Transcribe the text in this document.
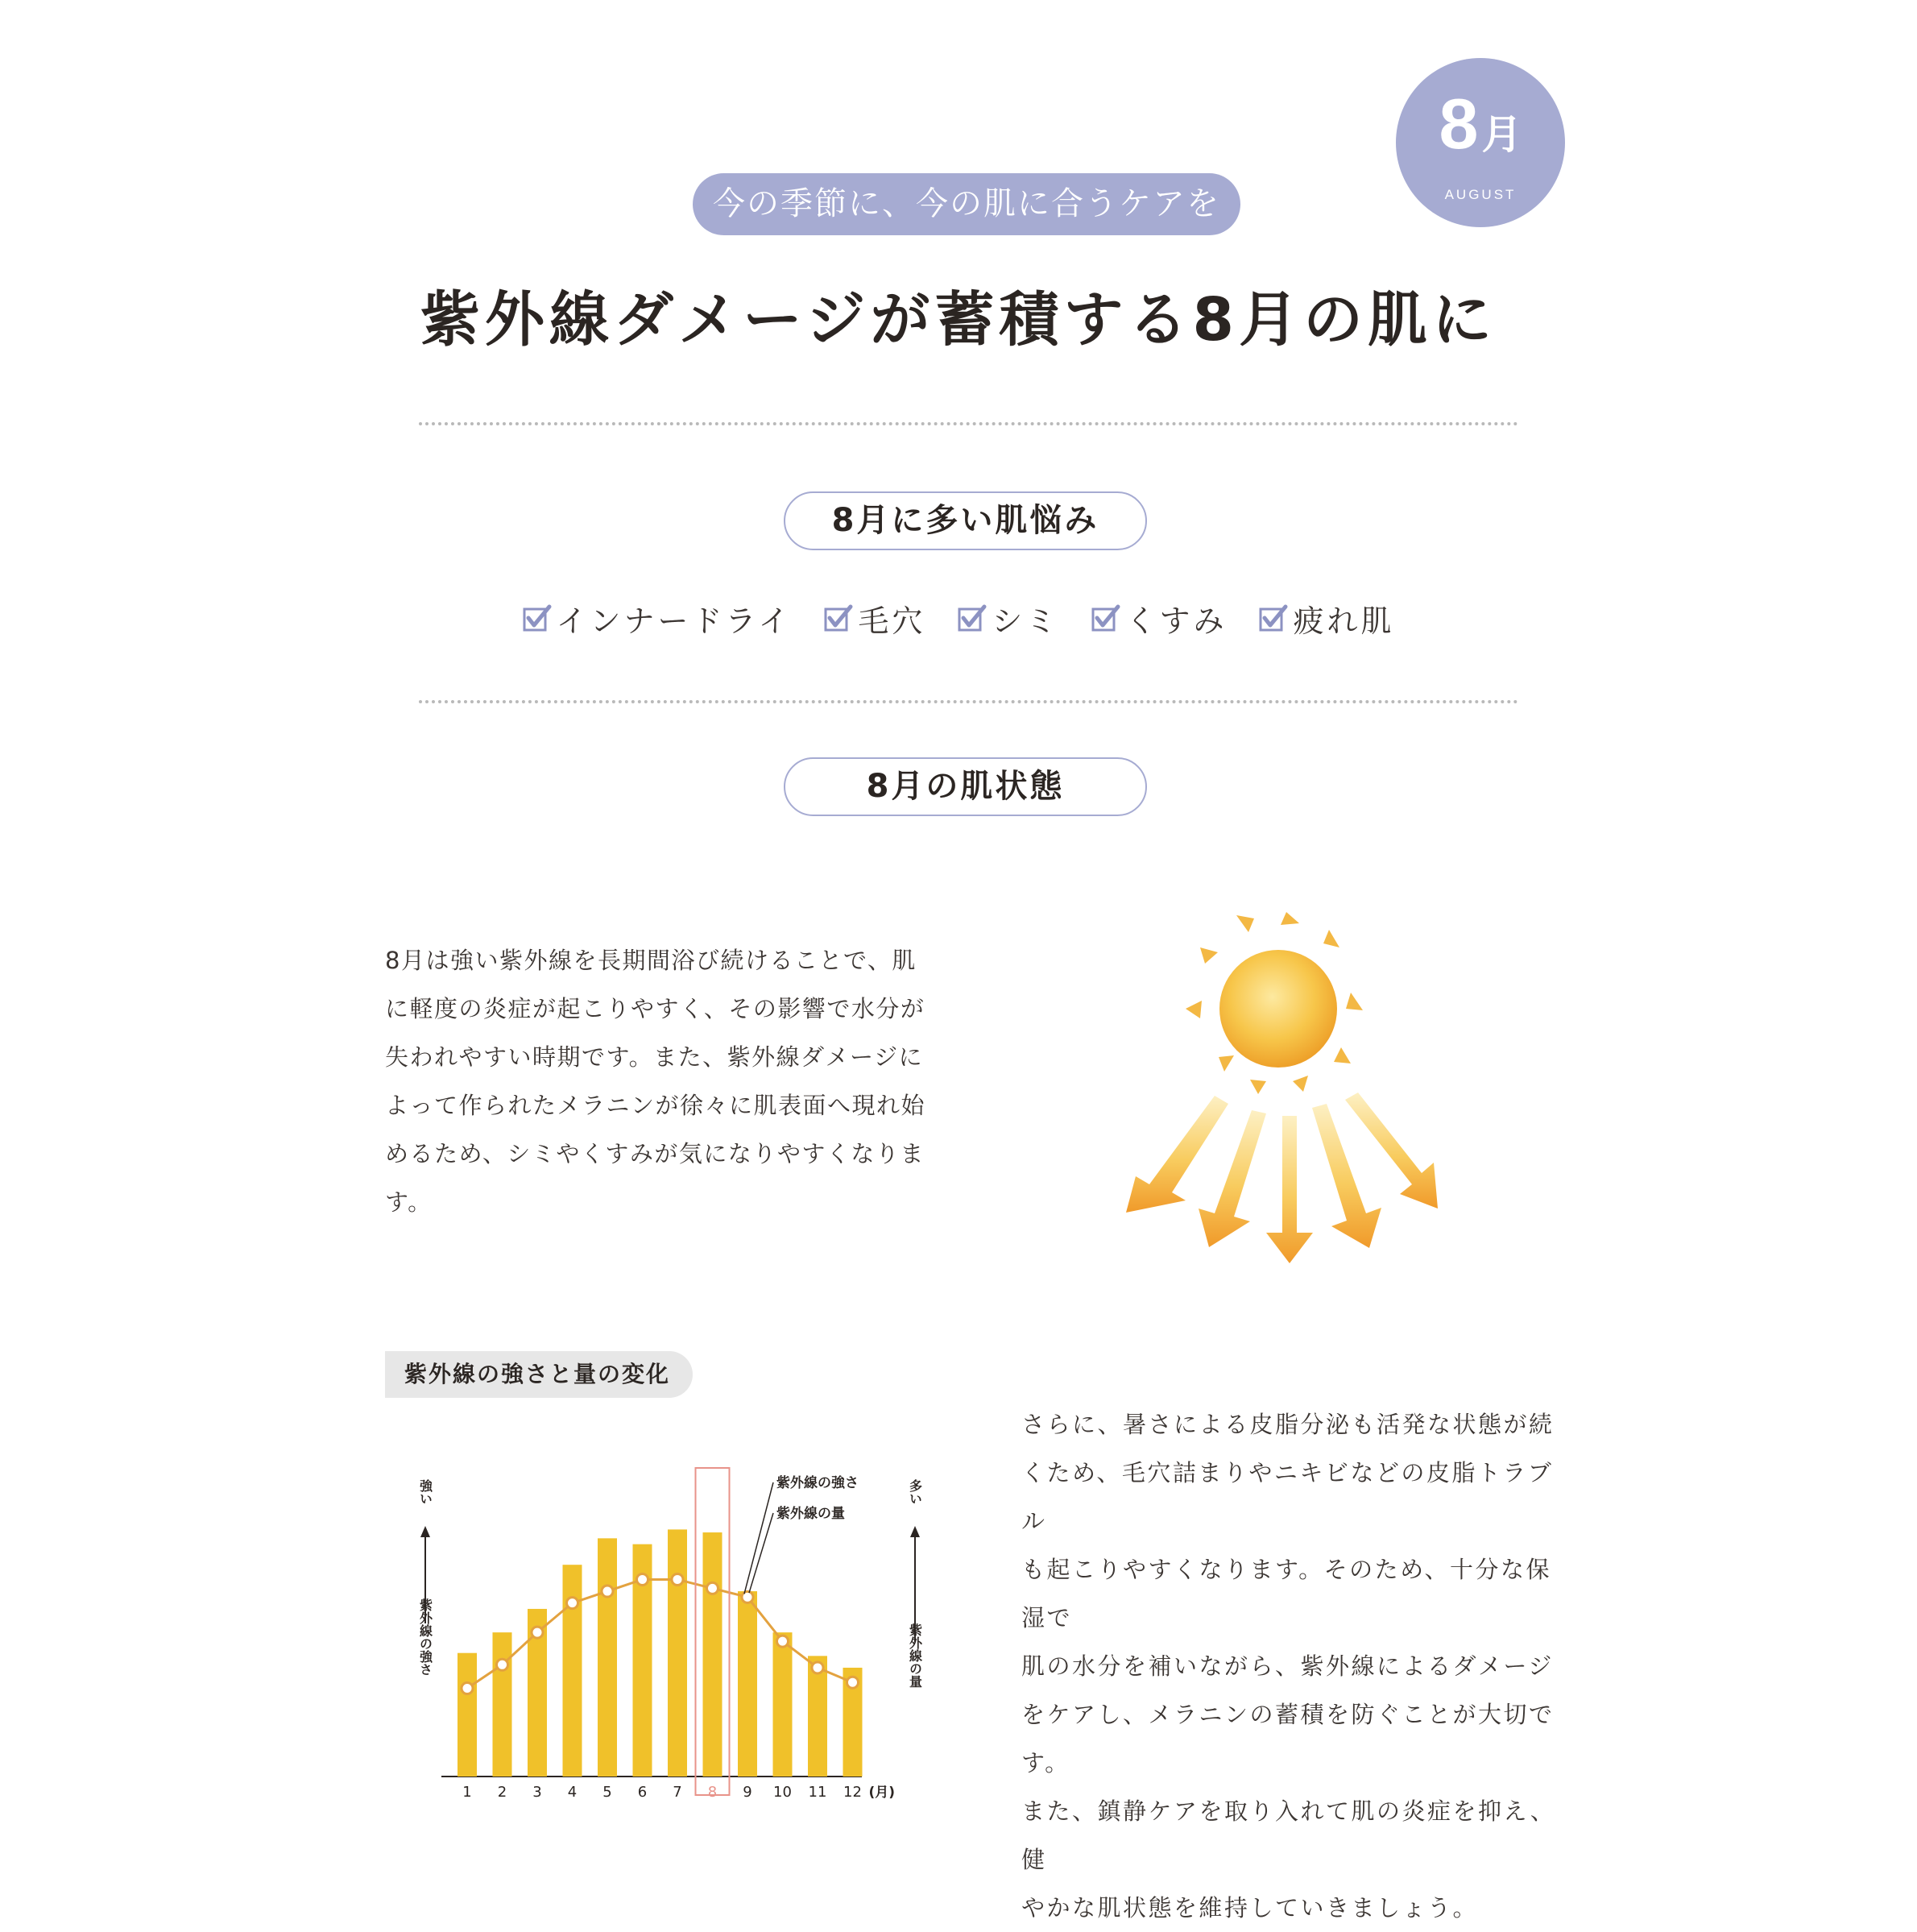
8月
AUGUST
今の季節に、今の肌に合うケアを
紫外線ダメージが蓄積する8月の肌に
8月に多い肌悩み
インナードライ 毛穴 シミ くすみ 疲れ肌
8月の肌状態
8月は強い紫外線を長期間浴び続けることで、肌
に軽度の炎症が起こりやすく、その影響で水分が
失われやすい時期です。また、紫外線ダメージに
よって作られたメラニンが徐々に肌表面へ現れ始
めるため、シミやくすみが気になりやすくなります。
紫外線の強さと量の変化
強い
紫外線の強さ
多い
紫外線の量
1 2 3 4 5 6 7 8 9 10 11 12 (月)
紫外線の強さ
紫外線の量
さらに、暑さによる皮脂分泌も活発な状態が続
くため、毛穴詰まりやニキビなどの皮脂トラブル
も起こりやすくなります。そのため、十分な保湿で
肌の水分を補いながら、紫外線によるダメージ
をケアし、メラニンの蓄積を防ぐことが大切です。
また、鎮静ケアを取り入れて肌の炎症を抑え、健
やかな肌状態を維持していきましょう。
